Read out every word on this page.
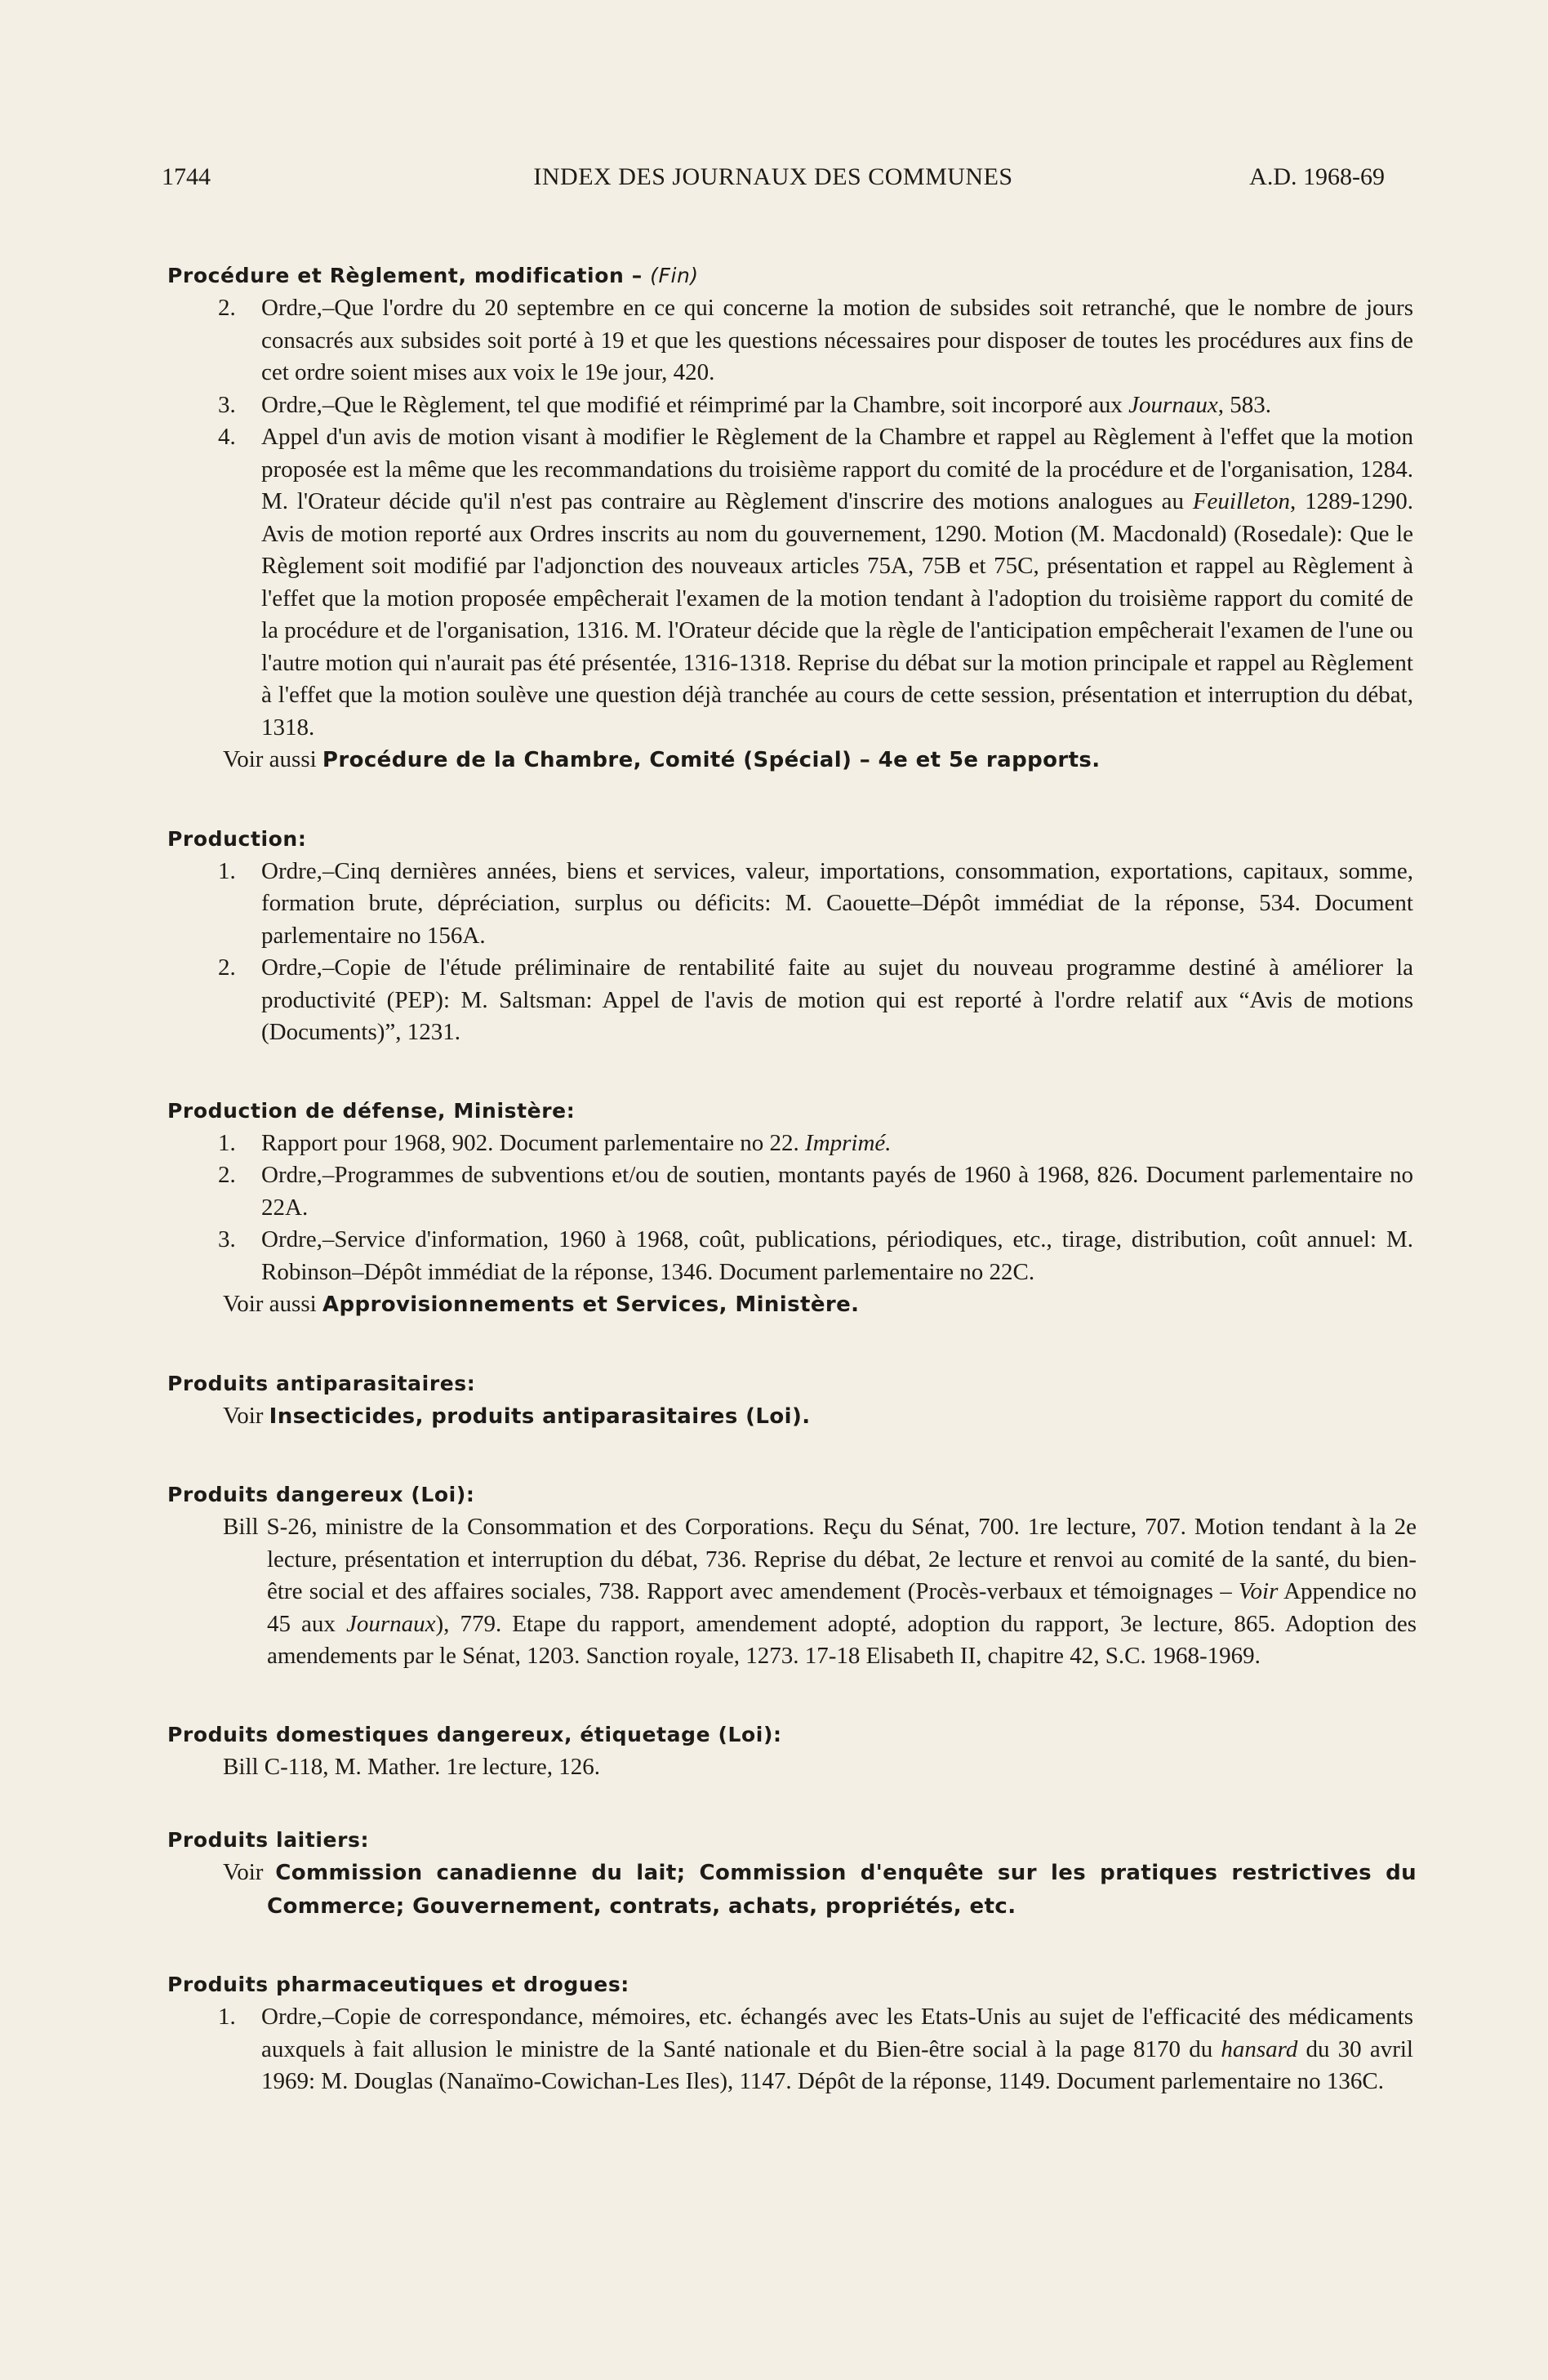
1744	INDEX DES JOURNAUX DES COMMUNES	A.D. 1968-69

Procédure et Règlement, modification – (Fin)

2. Ordre,–Que l'ordre du 20 septembre en ce qui concerne la motion de subsides soit retranché, que le nombre de jours consacrés aux subsides soit porté à 19 et que les questions nécessaires pour disposer de toutes les procédures aux fins de cet ordre soient mises aux voix le 19e jour, 420.
3. Ordre,–Que le Règlement, tel que modifié et réimprimé par la Chambre, soit incorporé aux Journaux, 583.
4. Appel d'un avis de motion visant à modifier le Règlement de la Chambre et rappel au Règlement à l'effet que la motion proposée est la même que les recommandations du troisième rapport du comité de la procédure et de l'organisation, 1284. M. l'Orateur décide qu'il n'est pas contraire au Règlement d'inscrire des motions analogues au Feuilleton, 1289-1290. Avis de motion reporté aux Ordres inscrits au nom du gouvernement, 1290. Motion (M. Macdonald) (Rosedale): Que le Règlement soit modifié par l'adjonction des nouveaux articles 75A, 75B et 75C, présentation et rappel au Règlement à l'effet que la motion proposée empêcherait l'examen de la motion tendant à l'adoption du troisième rapport du comité de la procédure et de l'organisation, 1316. M. l'Orateur décide que la règle de l'anticipation empêcherait l'examen de l'une ou l'autre motion qui n'aurait pas été présentée, 1316-1318. Reprise du débat sur la motion principale et rappel au Règlement à l'effet que la motion soulève une question déjà tranchée au cours de cette session, présentation et interruption du débat, 1318.
Voir aussi Procédure de la Chambre, Comité (Spécial) – 4e et 5e rapports.

Production:

1. Ordre,–Cinq dernières années, biens et services, valeur, importations, consommation, exportations, capitaux, somme, formation brute, dépréciation, surplus ou déficits: M. Caouette–Dépôt immédiat de la réponse, 534. Document parlementaire no 156A.
2. Ordre,–Copie de l'étude préliminaire de rentabilité faite au sujet du nouveau programme destiné à améliorer la productivité (PEP): M. Saltsman: Appel de l'avis de motion qui est reporté à l'ordre relatif aux “Avis de motions (Documents)”, 1231.

Production de défense, Ministère:

1. Rapport pour 1968, 902. Document parlementaire no 22. Imprimé.
2. Ordre,–Programmes de subventions et/ou de soutien, montants payés de 1960 à 1968, 826. Document parlementaire no 22A.
3. Ordre,–Service d'information, 1960 à 1968, coût, publications, périodiques, etc., tirage, distribution, coût annuel: M. Robinson–Dépôt immédiat de la réponse, 1346. Document parlementaire no 22C.
Voir aussi Approvisionnements et Services, Ministère.

Produits antiparasitaires:

Voir Insecticides, produits antiparasitaires (Loi).

Produits dangereux (Loi):

Bill S-26, ministre de la Consommation et des Corporations. Reçu du Sénat, 700. 1re lecture, 707. Motion tendant à la 2e lecture, présentation et interruption du débat, 736. Reprise du débat, 2e lecture et renvoi au comité de la santé, du bien-être social et des affaires sociales, 738. Rapport avec amendement (Procès-verbaux et témoignages – Voir Appendice no 45 aux Journaux), 779. Etape du rapport, amendement adopté, adoption du rapport, 3e lecture, 865. Adoption des amendements par le Sénat, 1203. Sanction royale, 1273. 17-18 Elisabeth II, chapitre 42, S.C. 1968-1969.

Produits domestiques dangereux, étiquetage (Loi):

Bill C-118, M. Mather. 1re lecture, 126.

Produits laitiers:

Voir Commission canadienne du lait; Commission d'enquête sur les pratiques restrictives du Commerce; Gouvernement, contrats, achats, propriétés, etc.

Produits pharmaceutiques et drogues:

1. Ordre,–Copie de correspondance, mémoires, etc. échangés avec les Etats-Unis au sujet de l'efficacité des médicaments auxquels à fait allusion le ministre de la Santé nationale et du Bien-être social à la page 8170 du hansard du 30 avril 1969: M. Douglas (Nanaïmo-Cowichan-Les Iles), 1147. Dépôt de la réponse, 1149. Document parlementaire no 136C.
